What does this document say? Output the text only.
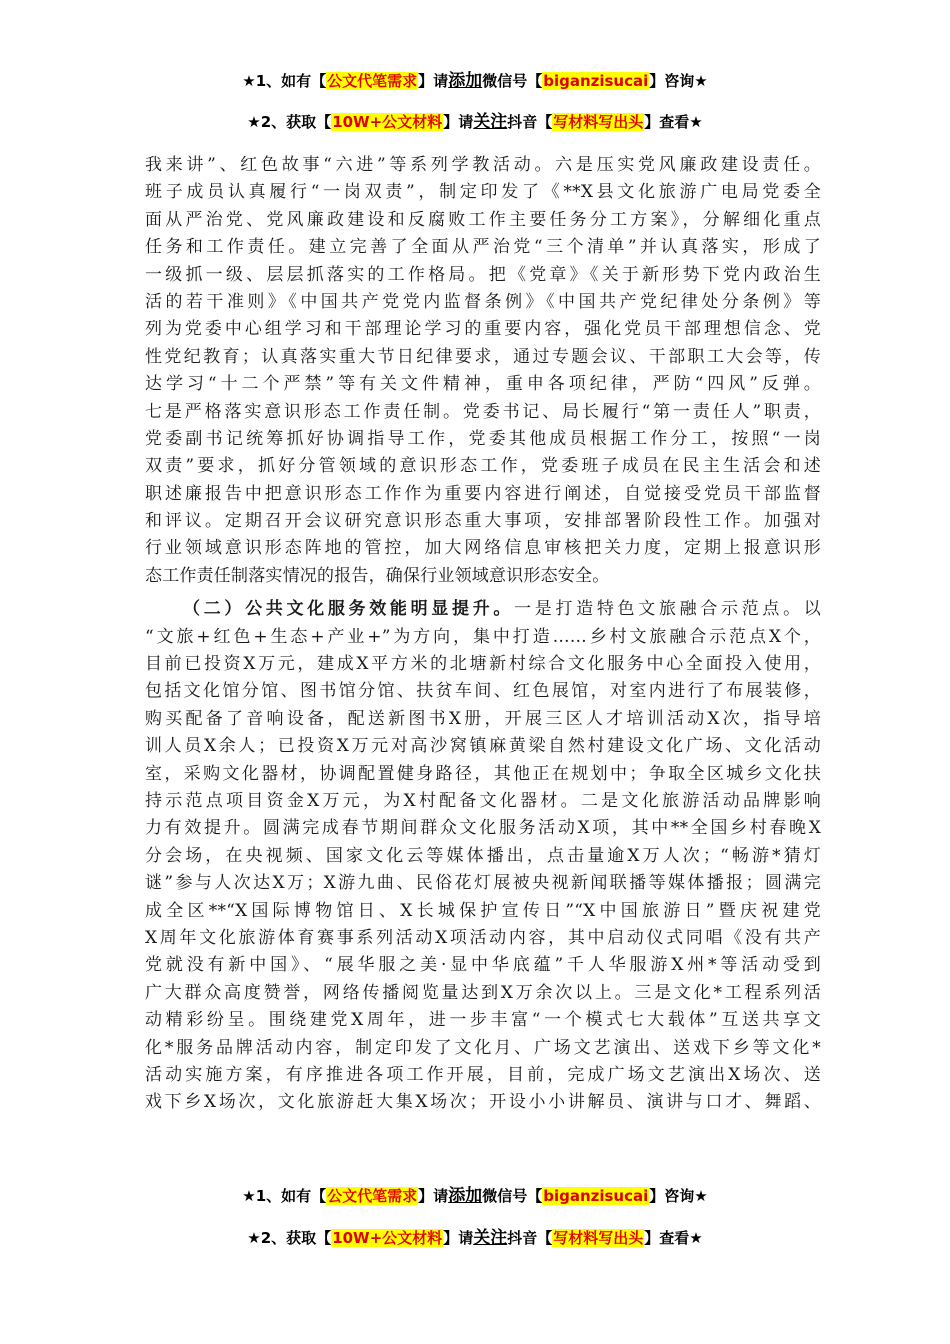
★1、如有【公文代笔需求】请添加微信号【biganzisucai】咨询★
★2、获取【10W+公文材料】请关注抖音【写材料写出头】查看★
我来讲”、红色故事“六进”等系列学教活动。六是压实党风廉政建设责任。
班子成员认真履行“一岗双责”，制定印发了《**X县文化旅游广电局党委全
面从严治党、党风廉政建设和反腐败工作主要任务分工方案》，分解细化重点
任务和工作责任。建立完善了全面从严治党“三个清单”并认真落实，形成了
一级抓一级、层层抓落实的工作格局。把《党章》《关于新形势下党内政治生
活的若干准则》《中国共产党党内监督条例》《中国共产党纪律处分条例》等
列为党委中心组学习和干部理论学习的重要内容，强化党员干部理想信念、党
性党纪教育；认真落实重大节日纪律要求，通过专题会议、干部职工大会等，传
达学习“十二个严禁”等有关文件精神，重申各项纪律，严防“四风”反弹。
七是严格落实意识形态工作责任制。党委书记、局长履行“第一责任人”职责，
党委副书记统筹抓好协调指导工作，党委其他成员根据工作分工，按照“一岗
双责”要求，抓好分管领域的意识形态工作，党委班子成员在民主生活会和述
职述廉报告中把意识形态工作作为重要内容进行阐述，自觉接受党员干部监督
和评议。定期召开会议研究意识形态重大事项，安排部署阶段性工作。加强对
行业领域意识形态阵地的管控，加大网络信息审核把关力度，定期上报意识形
态工作责任制落实情况的报告，确保行业领域意识形态安全。
（二）公共文化服务效能明显提升。一是打造特色文旅融合示范点。以
“文旅+红色+生态+产业+”为方向，集中打造……乡村文旅融合示范点X个，
目前已投资X万元，建成X平方米的北塘新村综合文化服务中心全面投入使用，
包括文化馆分馆、图书馆分馆、扶贫车间、红色展馆，对室内进行了布展装修，
购买配备了音响设备，配送新图书X册，开展三区人才培训活动X次，指导培
训人员X余人；已投资X万元对高沙窝镇麻黄梁自然村建设文化广场、文化活动
室，采购文化器材，协调配置健身路径，其他正在规划中；争取全区城乡文化扶
持示范点项目资金X万元，为X村配备文化器材。二是文化旅游活动品牌影响
力有效提升。圆满完成春节期间群众文化服务活动X项，其中**全国乡村春晚X
分会场，在央视频、国家文化云等媒体播出，点击量逾X万人次；“畅游*猜灯
谜”参与人次达X万；X游九曲、民俗花灯展被央视新闻联播等媒体播报；圆满完
成全区**“X国际博物馆日、X长城保护宣传日”“X中国旅游日”暨庆祝建党
X周年文化旅游体育赛事系列活动X项活动内容，其中启动仪式同唱《没有共产
党就没有新中国》、“展华服之美·显中华底蕴”千人华服游X州*等活动受到
广大群众高度赞誉，网络传播阅览量达到X万余次以上。三是文化*工程系列活
动精彩纷呈。围绕建党X周年，进一步丰富“一个模式七大载体”互送共享文
化*服务品牌活动内容，制定印发了文化月、广场文艺演出、送戏下乡等文化*
活动实施方案，有序推进各项工作开展，目前，完成广场文艺演出X场次、送
戏下乡X场次，文化旅游赶大集X场次；开设小小讲解员、演讲与口才、舞蹈、
★1、如有【公文代笔需求】请添加微信号【biganzisucai】咨询★
★2、获取【10W+公文材料】请关注抖音【写材料写出头】查看★
